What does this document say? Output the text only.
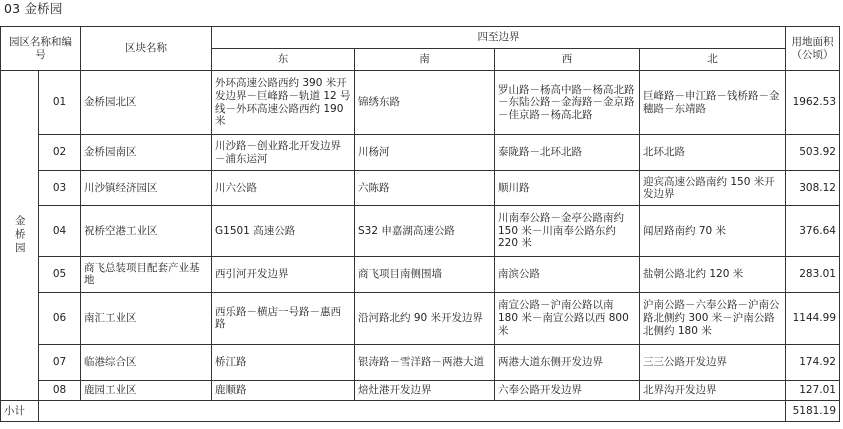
03 金桥园
园区名称和编号		区块名称	四至边界				用地面积（公顷）
			东	南	西	北	
金桥园	01	金桥园北区	外环高速公路西约 390 米开发边界－巨峰路－轨道 12 号线－外环高速公路西约 190 米	锦绣东路	罗山路－杨高中路－杨高北路－东陆公路－金海路－金京路－佳京路－杨高北路	巨峰路－申江路－钱桥路－金穗路－东靖路	1962.53
	02	金桥园南区	川沙路－创业路北开发边界－浦东运河	川杨河	泰陇路－北环北路	北环北路	503.92
	03	川沙镇经济园区	川六公路	六陈路	顺川路	迎宾高速公路南约 150 米开发边界	308.12
	04	祝桥空港工业区	G1501 高速公路	S32 申嘉湖高速公路	川南奉公路－金亭公路南约 150 米－川南奉公路东约 220 米	闻居路南约 70 米	376.64
	05	商飞总装项目配套产业基地	西引河开发边界	商飞项目南侧围墙	南滨公路	盐朝公路北约 120 米	283.01
	06	南汇工业区	西乐路－横店一号路－惠西路	沿河路北约 90 米开发边界	南宣公路－沪南公路以南 180 米－南宣公路以西 800 米	沪南公路－六奉公路－沪南公路北侧约 300 米－沪南公路北侧约 180 米	1144.99
	07	临港综合区	桥江路	银涛路－雪洋路－两港大道	两港大道东侧开发边界	三三公路开发边界	174.92
	08	鹿园工业区	鹿顺路	焙灶港开发边界	六奉公路开发边界	北界沟开发边界	127.01
小计							5181.19
